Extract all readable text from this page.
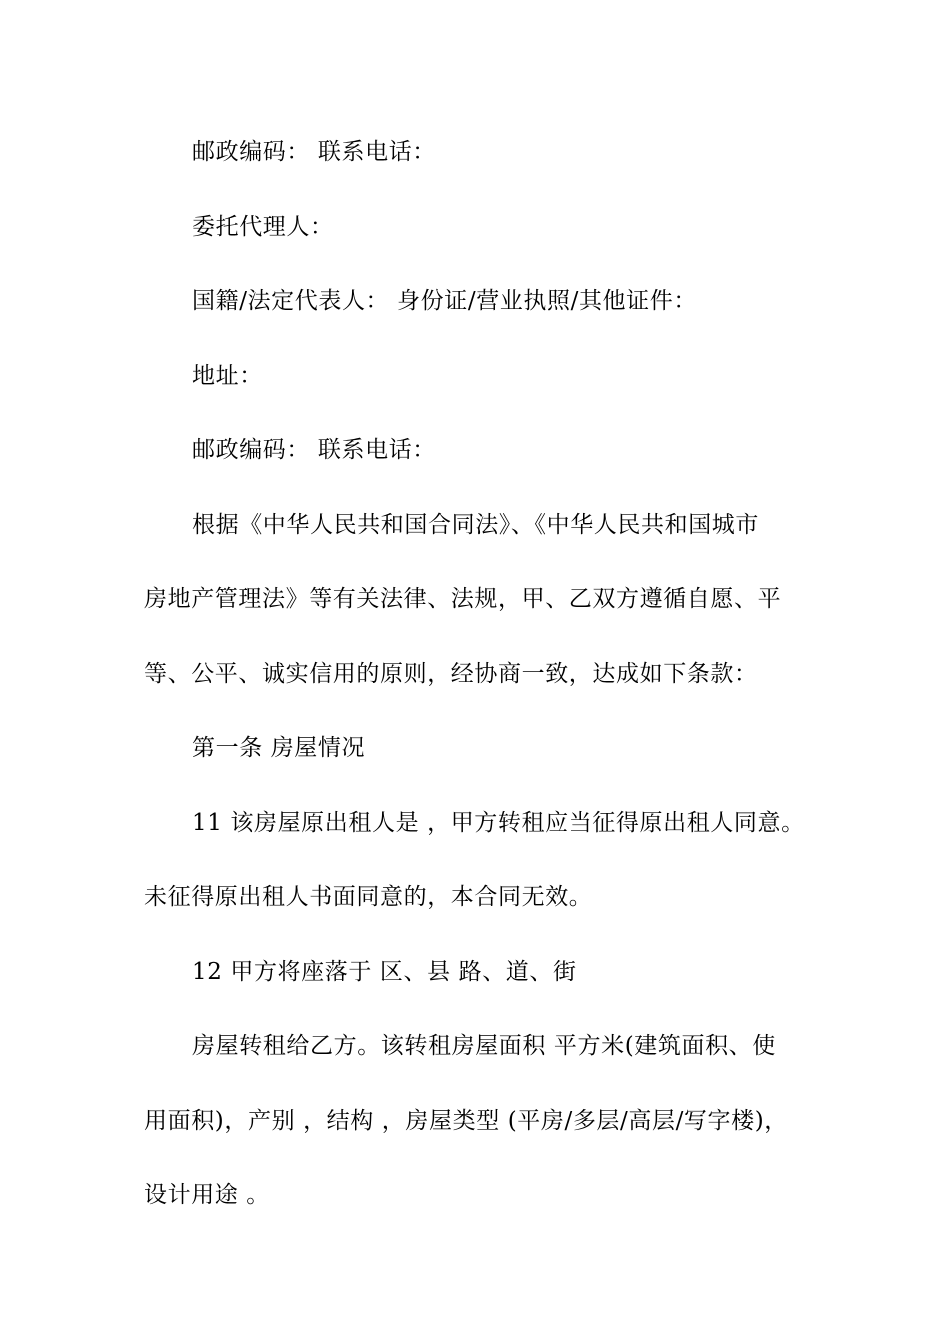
邮政编码： 联系电话：
委托代理人：
国籍/法定代表人： 身份证/营业执照/其他证件：
地址：
邮政编码： 联系电话：
根据《中华人民共和国合同法》、《中华人民共和国城市
房地产管理法》等有关法律、法规，甲、乙双方遵循自愿、平
等、公平、诚实信用的原则，经协商一致，达成如下条款：
第一条 房屋情况
11 该房屋原出租人是 ，甲方转租应当征得原出租人同意。
未征得原出租人书面同意的，本合同无效。
12 甲方将座落于 区、县 路、道、街
房屋转租给乙方。该转租房屋面积 平方米(建筑面积、使
用面积)，产别 ，结构 ，房屋类型 (平房/多层/高层/写字楼)，
设计用途 。
